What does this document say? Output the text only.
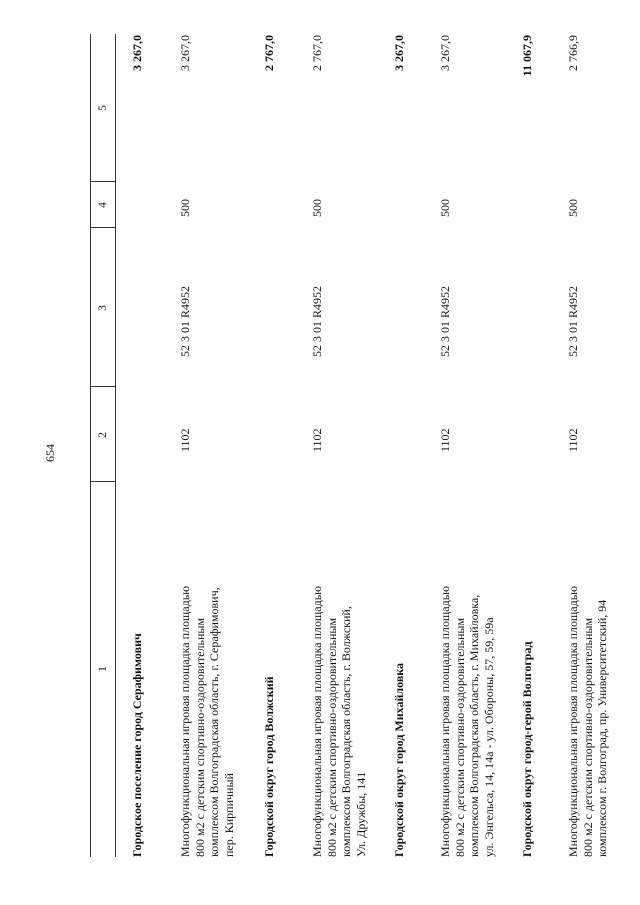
654
1
2
3
4
5
Городское поселение город Серафимович
3 267,0
Многофункциональная игровая площадка площадью 800 м2 с детским спортивно-оздоровительным комплексом Волгоградская область, г. Серафимович, пер. Кирпичный
1102
52 3 01 R4952
500
3 267,0
Городской округ город Волжский
2 767,0
Многофункциональная игровая площадка площадью 800 м2 с детским спортивно-оздоровительным комплексом Волгоградская область, г. Волжский, Ул. Дружбы, 141
1102
52 3 01 R4952
500
2 767,0
Городской округ город Михайловка
3 267,0
Многофункциональная игровая площадка площадью 800 м2 с детским спортивно-оздоровительным комплексом Волгоградская область, г. Михайловка, ул. Энгельса, 14, 14а - ул. Обороны, 57, 59, 59а
1102
52 3 01 R4952
500
3 267,0
Городской округ город-герой Волгоград
11 067,9
Многофункциональная игровая площадка площадью 800 м2 с детским спортивно-оздоровительным комплексом г. Волгоград, пр. Университетский, 94
1102
52 3 01 R4952
500
2 766,9
